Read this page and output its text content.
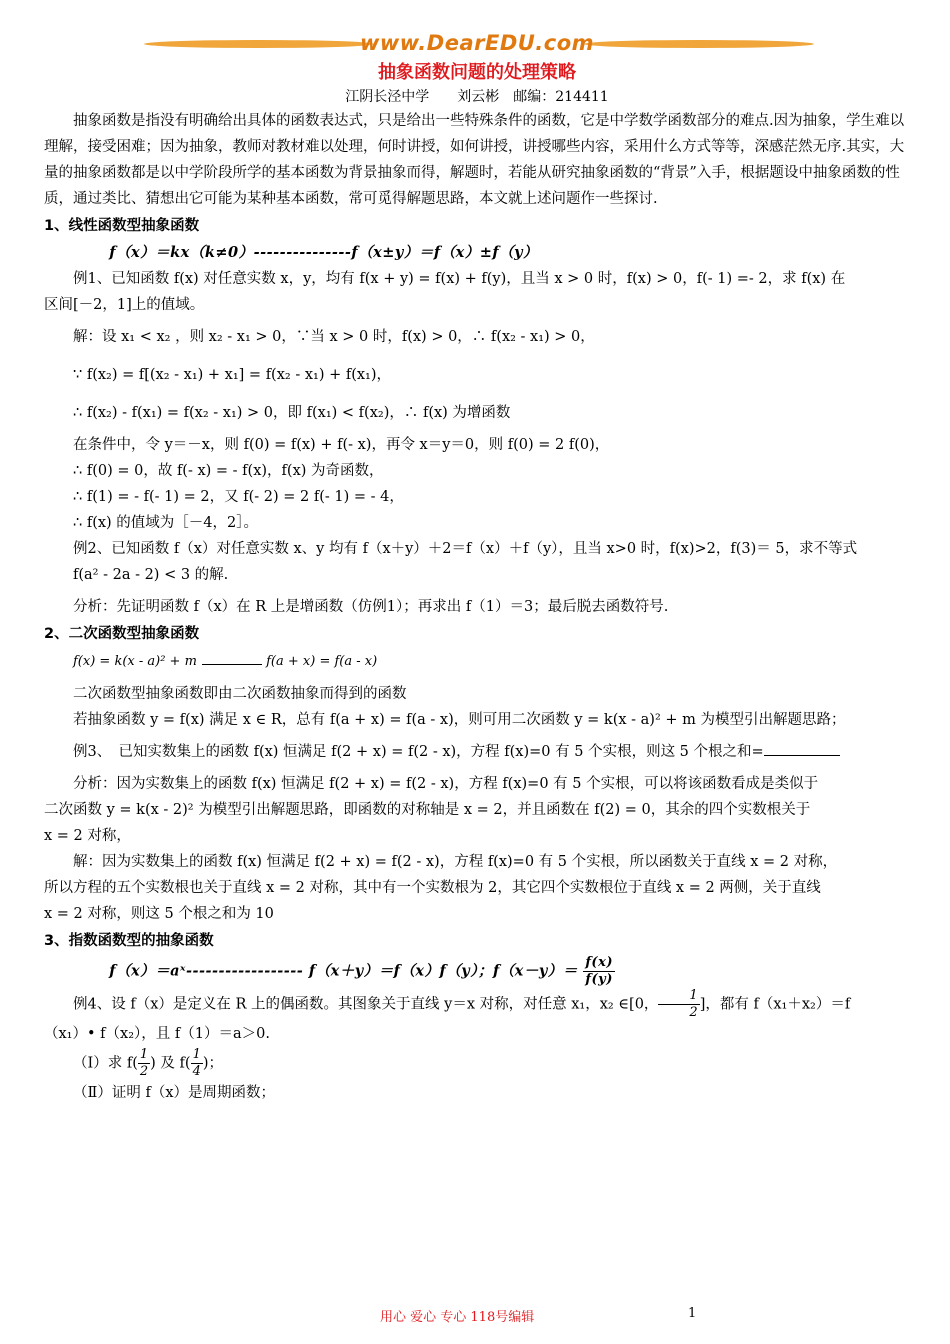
www.DearEDU.com
抽象函数问题的处理策略
江阴长泾中学　　刘云彬　邮编：214411

抽象函数是指没有明确给出具体的函数表达式，只是给出一些特殊条件的函数，它是中学数学函数部分的难点.因为抽象，学生难以理解，接受困难；因为抽象，教师对教材难以处理，何时讲授，如何讲授，讲授哪些内容，采用什么方式等等，深感茫然无序.其实，大量的抽象函数都是以中学阶段所学的基本函数为背景抽象而得，解题时，若能从研究抽象函数的“背景”入手，根据题设中抽象函数的性质，通过类比、猜想出它可能为某种基本函数，常可觅得解题思路，本文就上述问题作一些探讨.

1、线性函数型抽象函数

f（x）＝kx（k≠0）---------------f（x±y）＝f（x）±f（y）

例1、已知函数 f(x) 对任意实数 x，y，均有 f(x + y) = f(x) + f(y)，且当 x > 0 时，f(x) > 0，f(- 1) =- 2，求 f(x) 在

区间[－2，1]上的值域。

解：设 x₁ < x₂ ，则 x₂ - x₁ > 0，∵当 x > 0 时，f(x) > 0，∴ f(x₂ - x₁) > 0，

∵ f(x₂) = f[(x₂ - x₁) + x₁] = f(x₂ - x₁) + f(x₁)，

∴ f(x₂) - f(x₁) = f(x₂ - x₁) > 0，即 f(x₁) < f(x₂)，∴ f(x) 为增函数

在条件中，令 y＝－x，则 f(0) = f(x) + f(- x)，再令 x＝y＝0，则 f(0) = 2 f(0)，

∴ f(0) = 0，故 f(- x) = - f(x)，f(x) 为奇函数，

∴ f(1) = - f(- 1) = 2，又 f(- 2) = 2 f(- 1) = - 4，

∴ f(x) 的值域为［－4，2］。

例2、已知函数 f（x）对任意实数 x、y 均有 f（x＋y）＋2＝f（x）＋f（y），且当 x>0 时，f(x)>2，f(3)＝ 5，求不等式

f(a² - 2a - 2) < 3 的解.

分析：先证明函数 f（x）在 R 上是增函数（仿例1）；再求出 f（1）＝3；最后脱去函数符号.

2、二次函数型抽象函数

f(x) = k(x - a)² + m	f(a + x) = f(a - x)

二次函数型抽象函数即由二次函数抽象而得到的函数

若抽象函数 y = f(x) 满足 x ∈ R，总有 f(a + x) = f(a - x)，则可用二次函数 y = k(x - a)² + m 为模型引出解题思路；

例3、　已知实数集上的函数 f(x) 恒满足 f(2 + x) = f(2 - x)，方程 f(x)=0 有 5 个实根，则这 5 个根之和=

分析：因为实数集上的函数 f(x) 恒满足 f(2 + x) = f(2 - x)，方程 f(x)=0 有 5 个实根，可以将该函数看成是类似于

二次函数 y = k(x - 2)² 为模型引出解题思路，即函数的对称轴是 x = 2，并且函数在 f(2) = 0，其余的四个实数根关于

x = 2 对称，

解：因为实数集上的函数 f(x) 恒满足 f(2 + x) = f(2 - x)，方程 f(x)=0 有 5 个实根，所以函数关于直线 x = 2 对称，

所以方程的五个实数根也关于直线 x = 2 对称，其中有一个实数根为 2，其它四个实数根位于直线 x = 2 两侧，关于直线

x = 2 对称，则这 5 个根之和为 10

3、指数函数型的抽象函数

f（x）＝aˣ------------------ f（x＋y）＝f（x）f（y）；$f(x-y)= \frac{f(x)}{f(y)}$

例4、设 f（x）是定义在 R 上的偶函数。其图象关于直线 y＝x 对称，对任意 x₁，x₂ ∈[0， $\frac{1}{2}$ ]，都有 f（x₁＋x₂）＝f

（x₁）• f（x₂），且 f（1）＝a＞0.

（Ⅰ）求 $f( \frac{1}{2}$ ) 及 $f( \frac{1}{4}$ )；

（Ⅱ）证明 f（x）是周期函数；

用心 爱心 专心 118号编辑	1
